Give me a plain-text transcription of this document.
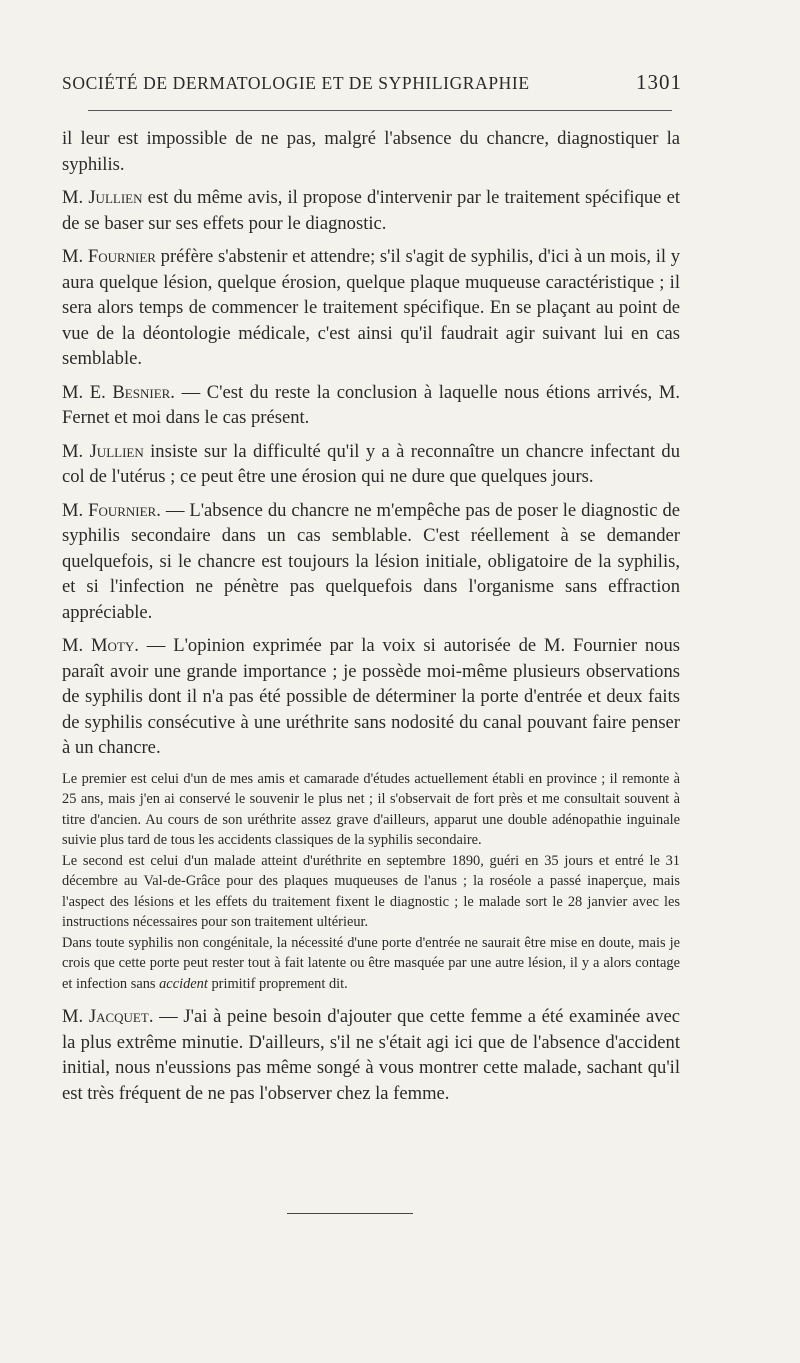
SOCIÉTÉ DE DERMATOLOGIE ET DE SYPHILIGRAPHIE	1301

il leur est impossible de ne pas, malgré l'absence du chancre, diagnostiquer la syphilis.

M. Jullien est du même avis, il propose d'intervenir par le traitement spécifique et de se baser sur ses effets pour le diagnostic.

M. Fournier préfère s'abstenir et attendre; s'il s'agit de syphilis, d'ici à un mois, il y aura quelque lésion, quelque érosion, quelque plaque muqueuse caractéristique ; il sera alors temps de commencer le traitement spécifique. En se plaçant au point de vue de la déontologie médicale, c'est ainsi qu'il faudrait agir suivant lui en cas semblable.

M. E. Besnier. — C'est du reste la conclusion à laquelle nous étions arrivés, M. Fernet et moi dans le cas présent.

M. Jullien insiste sur la difficulté qu'il y a à reconnaître un chancre infectant du col de l'utérus ; ce peut être une érosion qui ne dure que quelques jours.

M. Fournier. — L'absence du chancre ne m'empêche pas de poser le diagnostic de syphilis secondaire dans un cas semblable. C'est réellement à se demander quelquefois, si le chancre est toujours la lésion initiale, obligatoire de la syphilis, et si l'infection ne pénètre pas quelquefois dans l'organisme sans effraction appréciable.

M. Moty. — L'opinion exprimée par la voix si autorisée de M. Fournier nous paraît avoir une grande importance ; je possède moi-même plusieurs observations de syphilis dont il n'a pas été possible de déterminer la porte d'entrée et deux faits de syphilis consécutive à une uréthrite sans nodosité du canal pouvant faire penser à un chancre.

Le premier est celui d'un de mes amis et camarade d'études actuellement établi en province ; il remonte à 25 ans, mais j'en ai conservé le souvenir le plus net ; il s'observait de fort près et me consultait souvent à titre d'ancien. Au cours de son uréthrite assez grave d'ailleurs, apparut une double adénopathie inguinale suivie plus tard de tous les accidents classiques de la syphilis secondaire.

Le second est celui d'un malade atteint d'uréthrite en septembre 1890, guéri en 35 jours et entré le 31 décembre au Val-de-Grâce pour des plaques muqueuses de l'anus ; la roséole a passé inaperçue, mais l'aspect des lésions et les effets du traitement fixent le diagnostic ; le malade sort le 28 janvier avec les instructions nécessaires pour son traitement ultérieur.

Dans toute syphilis non congénitale, la nécessité d'une porte d'entrée ne saurait être mise en doute, mais je crois que cette porte peut rester tout à fait latente ou être masquée par une autre lésion, il y a alors contage et infection sans accident primitif proprement dit.

M. Jacquet. — J'ai à peine besoin d'ajouter que cette femme a été examinée avec la plus extrême minutie. D'ailleurs, s'il ne s'était agi ici que de l'absence d'accident initial, nous n'eussions pas même songé à vous montrer cette malade, sachant qu'il est très fréquent de ne pas l'observer chez la femme.
